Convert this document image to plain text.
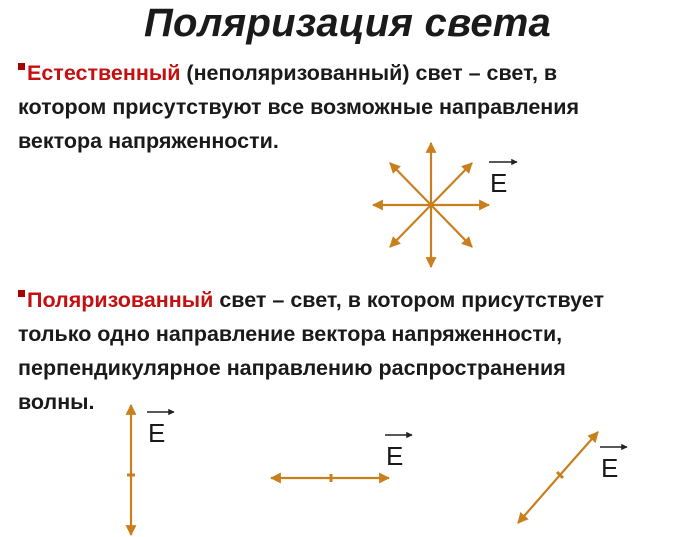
Поляризация света
Естественный (неполяризованный) свет – свет, в
котором присутствуют все возможные направления
вектора напряженности.
Поляризованный свет – свет, в котором присутствует
только одно направление вектора напряженности,
перпендикулярное направлению распространения
волны.
E
E
E	E
